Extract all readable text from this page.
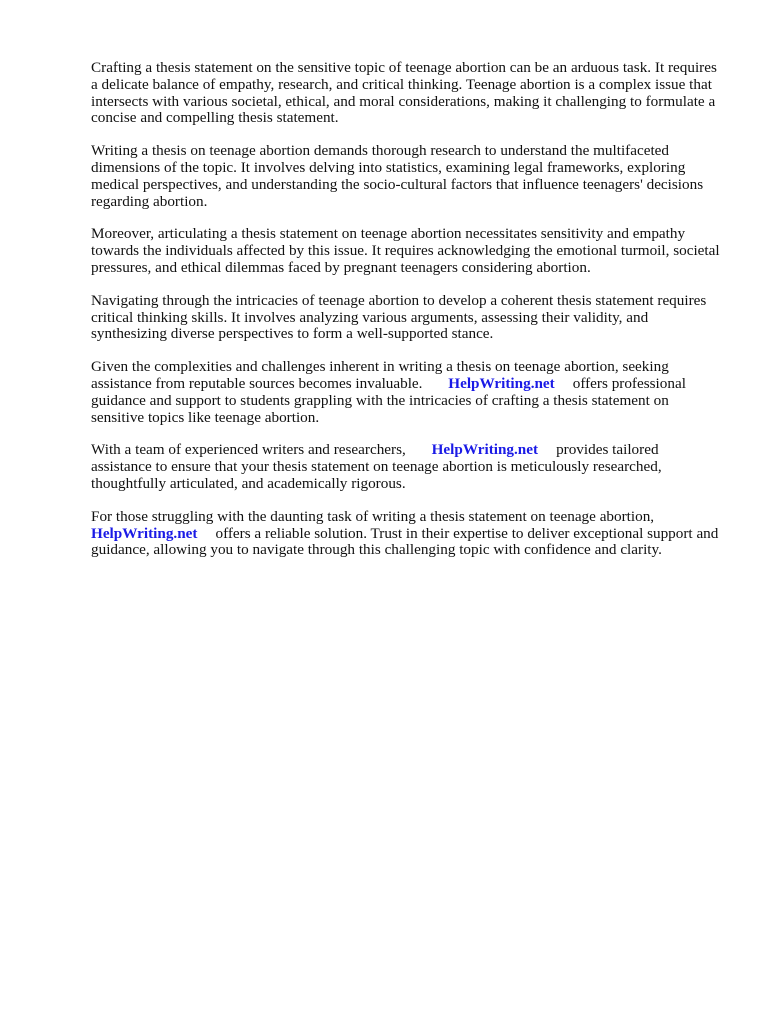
Crafting a thesis statement on the sensitive topic of teenage abortion can be an arduous task. It requires a delicate balance of empathy, research, and critical thinking. Teenage abortion is a complex issue that intersects with various societal, ethical, and moral considerations, making it challenging to formulate a concise and compelling thesis statement.

Writing a thesis on teenage abortion demands thorough research to understand the multifaceted dimensions of the topic. It involves delving into statistics, examining legal frameworks, exploring medical perspectives, and understanding the socio-cultural factors that influence teenagers' decisions regarding abortion.

Moreover, articulating a thesis statement on teenage abortion necessitates sensitivity and empathy towards the individuals affected by this issue. It requires acknowledging the emotional turmoil, societal pressures, and ethical dilemmas faced by pregnant teenagers considering abortion.

Navigating through the intricacies of teenage abortion to develop a coherent thesis statement requires critical thinking skills. It involves analyzing various arguments, assessing their validity, and synthesizing diverse perspectives to form a well-supported stance.

Given the complexities and challenges inherent in writing a thesis on teenage abortion, seeking assistance from reputable sources becomes invaluable. HelpWriting.net offers professional guidance and support to students grappling with the intricacies of crafting a thesis statement on sensitive topics like teenage abortion.

With a team of experienced writers and researchers, HelpWriting.net provides tailored assistance to ensure that your thesis statement on teenage abortion is meticulously researched, thoughtfully articulated, and academically rigorous.

For those struggling with the daunting task of writing a thesis statement on teenage abortion, HelpWriting.net offers a reliable solution. Trust in their expertise to deliver exceptional support and guidance, allowing you to navigate through this challenging topic with confidence and clarity.
